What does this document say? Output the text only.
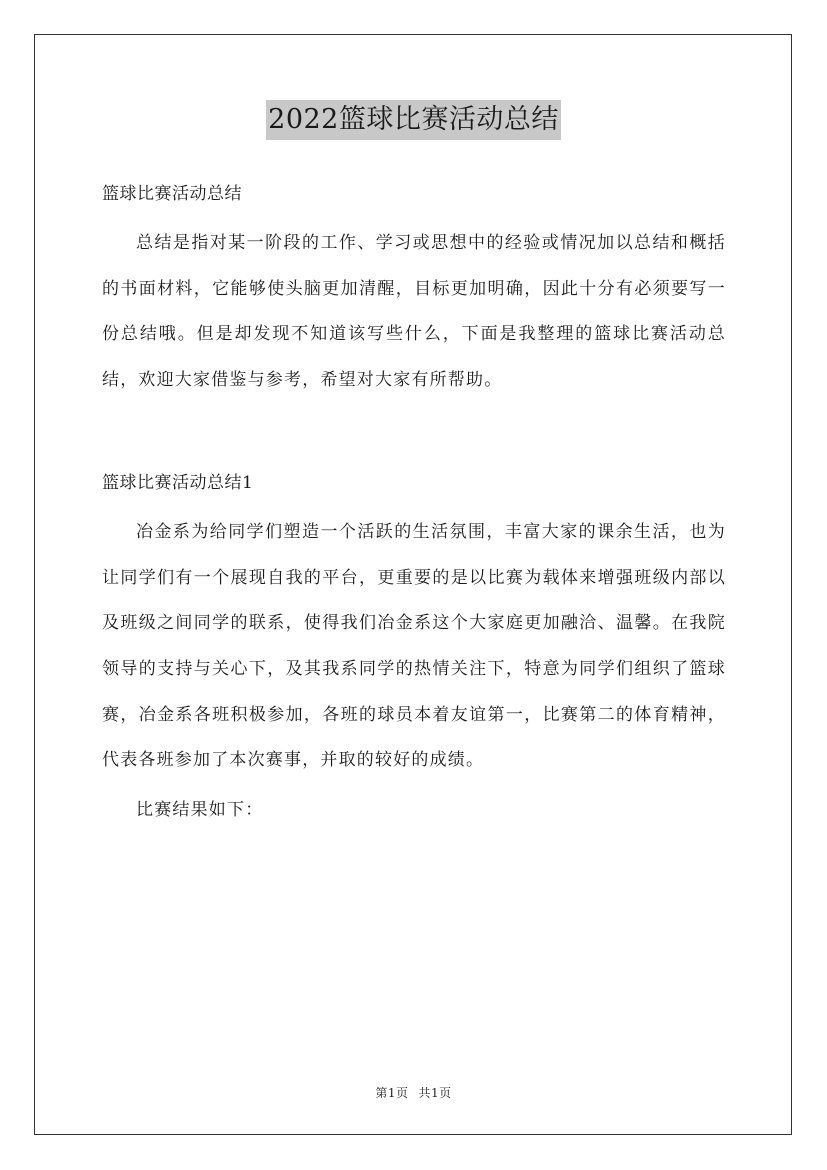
2022篮球比赛活动总结

篮球比赛活动总结

总结是指对某一阶段的工作、学习或思想中的经验或情况加以总结和概括的书面材料，它能够使头脑更加清醒，目标更加明确，因此十分有必须要写一份总结哦。但是却发现不知道该写些什么，下面是我整理的篮球比赛活动总结，欢迎大家借鉴与参考，希望对大家有所帮助。

篮球比赛活动总结1

冶金系为给同学们塑造一个活跃的生活氛围，丰富大家的课余生活，也为让同学们有一个展现自我的平台，更重要的是以比赛为载体来增强班级内部以及班级之间同学的联系，使得我们冶金系这个大家庭更加融洽、温馨。在我院领导的支持与关心下，及其我系同学的热情关注下，特意为同学们组织了篮球赛，冶金系各班积极参加，各班的球员本着友谊第一，比赛第二的体育精神，代表各班参加了本次赛事，并取的较好的成绩。

比赛结果如下：

第1页 共1页
